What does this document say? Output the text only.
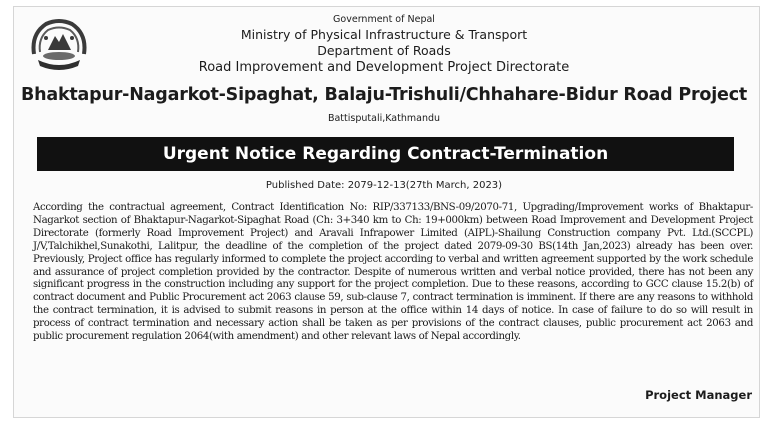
Government of Nepal
Ministry of Physical Infrastructure & Transport
Department of Roads
Road Improvement and Development Project Directorate
Bhaktapur-Nagarkot-Sipaghat, Balaju-Trishuli/Chhahare-Bidur Road Project
Battisputali,Kathmandu
Urgent Notice Regarding Contract-Termination
Published Date: 2079-12-13(27th March, 2023)
According the contractual agreement, Contract Identification No: RIP/337133/BNS-09/2070-71, Upgrading/Improvement works of Bhaktapur-Nagarkot section of Bhaktapur-Nagarkot-Sipaghat Road (Ch: 3+340 km to Ch: 19+000km) between Road Improvement and Development Project Directorate (formerly Road Improvement Project) and Aravali Infrapower Limited (AIPL)-Shailung Construction company Pvt. Ltd.(SCCPL) J/V,Talchikhel,Sunakothi, Lalitpur, the deadline of the completion of the project dated 2079-09-30 BS(14th Jan,2023) already has been over. Previously, Project office has regularly informed to complete the project according to verbal and written agreement supported by the work schedule and assurance of project completion provided by the contractor. Despite of numerous written and verbal notice provided, there has not been any significant progress in the construction including any support for the project completion. Due to these reasons, according to GCC clause 15.2(b) of contract document and Public Procurement act 2063 clause 59, sub-clause 7, contract termination is imminent. If there are any reasons to withhold the contract termination, it is advised to submit reasons in person at the office within 14 days of notice. In case of failure to do so will result in process of contract termination and necessary action shall be taken as per provisions of the contract clauses, public procurement act 2063 and public procurement regulation 2064(with amendment) and other relevant laws of Nepal accordingly.
Project Manager
